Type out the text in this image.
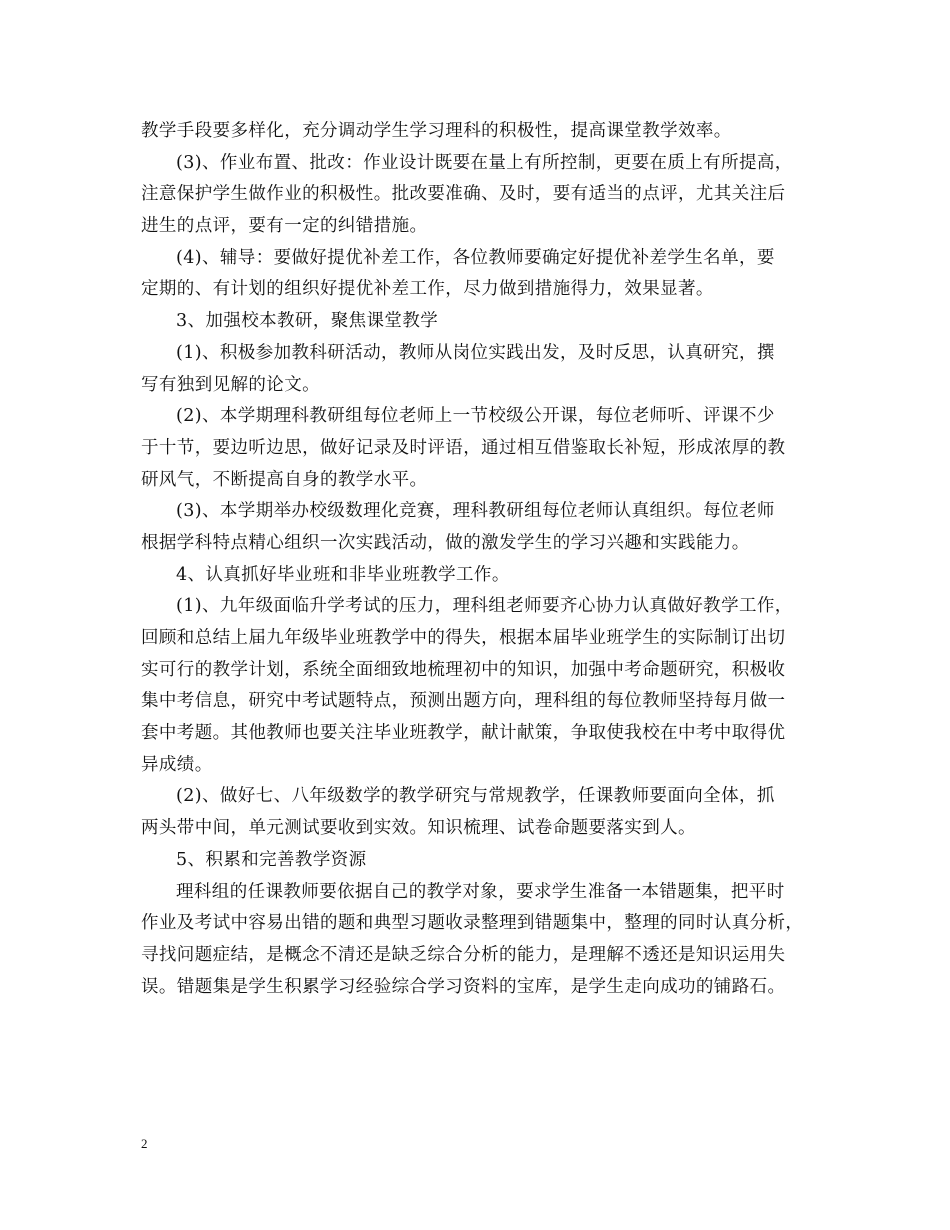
教学手段要多样化，充分调动学生学习理科的积极性，提高课堂教学效率。
(3)、作业布置、批改：作业设计既要在量上有所控制，更要在质上有所提高，
注意保护学生做作业的积极性。批改要准确、及时，要有适当的点评，尤其关注后
进生的点评，要有一定的纠错措施。
(4)、辅导：要做好提优补差工作，各位教师要确定好提优补差学生名单，要
定期的、有计划的组织好提优补差工作，尽力做到措施得力，效果显著。
3、加强校本教研，聚焦课堂教学
(1)、积极参加教科研活动，教师从岗位实践出发，及时反思，认真研究，撰
写有独到见解的论文。
(2)、本学期理科教研组每位老师上一节校级公开课，每位老师听、评课不少
于十节，要边听边思，做好记录及时评语，通过相互借鉴取长补短，形成浓厚的教
研风气，不断提高自身的教学水平。
(3)、本学期举办校级数理化竞赛，理科教研组每位老师认真组织。每位老师
根据学科特点精心组织一次实践活动，做的激发学生的学习兴趣和实践能力。
4、认真抓好毕业班和非毕业班教学工作。
(1)、九年级面临升学考试的压力，理科组老师要齐心协力认真做好教学工作，
回顾和总结上届九年级毕业班教学中的得失，根据本届毕业班学生的实际制订出切
实可行的教学计划，系统全面细致地梳理初中的知识，加强中考命题研究，积极收
集中考信息，研究中考试题特点，预测出题方向，理科组的每位教师坚持每月做一
套中考题。其他教师也要关注毕业班教学，献计献策，争取使我校在中考中取得优
异成绩。
(2)、做好七、八年级数学的教学研究与常规教学，任课教师要面向全体，抓
两头带中间，单元测试要收到实效。知识梳理、试卷命题要落实到人。
5、积累和完善教学资源
理科组的任课教师要依据自己的教学对象，要求学生准备一本错题集，把平时
作业及考试中容易出错的题和典型习题收录整理到错题集中，整理的同时认真分析，
寻找问题症结，是概念不清还是缺乏综合分析的能力，是理解不透还是知识运用失
误。错题集是学生积累学习经验综合学习资料的宝库，是学生走向成功的铺路石。
2
